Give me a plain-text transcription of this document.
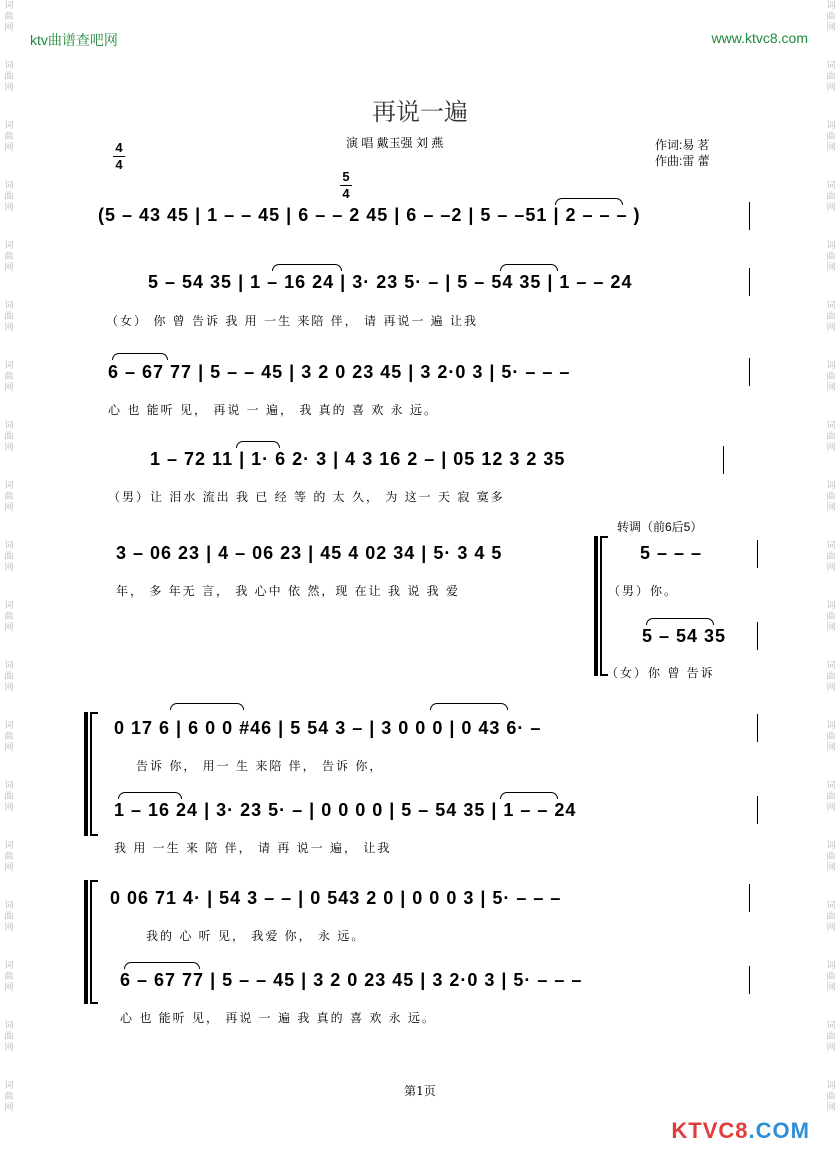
词
曲
网
词
曲
网
词
曲
网
词
曲
网
词
曲
网
词
曲
网
词
曲
网
词
曲
网
词
曲
网
词
曲
网
词
曲
网
词
曲
网
词
曲
网
词
曲
网
词
曲
网
词
曲
网
词
曲
网
词
曲
网
词
曲
网
词
曲
网
词
曲
网
词
曲
网
词
曲
网
词
曲
网
词
曲
网
词
曲
网
词
曲
网
词
曲
网
词
曲
网
词
曲
网
词
曲
网
词
曲
网
词
曲
网
词
曲
网
词
曲
网
词
曲
网
词
曲
网
词
曲
网
ktv曲谱查吧网	www.ktvc8.com
再说一遍
演 唱 戴玉强 刘 燕	作词:易 茗
作曲:雷 蕾
4
4
5
4
(5 – 43 45 | 1 – – 45 | 6 – – 2 45 | 6 – –2 | 5 – –51 | 2 – – – )
5 – 54 35 | 1 – 16 24 | 3· 23 5· – | 5 – 54 35 | 1 – – 24
（女） 你 曾 告诉 我 用 一生 来陪 伴， 请 再说一 遍 让我
6 – 67 77 | 5 – – 45 | 3 2 0 23 45 | 3 2·0 3 | 5· – – –
心 也 能听 见， 再说 一 遍， 我 真的 喜 欢 永 远。
1 – 72 11 | 1· 6 2· 3 | 4 3 16 2 – | 05 12 3 2 35
（男）让 泪水 流出 我 已 经 等 的 太 久， 为 这一 天 寂 寞多
转调（前6后5）
3 – 06 23 | 4 – 06 23 | 45 4 02 34 | 5· 3 4 5
年， 多 年无 言， 我 心中 依 然，现 在让 我 说 我 爱
5 – – –
（男）你。
5 – 54 35
（女）你 曾 告诉
0 17 6 | 6 0 0 #46 | 5 54 3 – | 3 0 0 0 | 0 43 6· –
告诉 你， 用一 生 来陪 伴， 告诉 你，
1 – 16 24 | 3· 23 5· – | 0 0 0 0 | 5 – 54 35 | 1 – – 24
我 用 一生 来 陪 伴， 请 再 说一 遍， 让我
0 06 71 4· | 54 3 – – | 0 543 2 0 | 0 0 0 3 | 5· – – –
我的 心 听 见， 我爱 你， 永 远。
6 – 67 77 | 5 – – 45 | 3 2 0 23 45 | 3 2·0 3 | 5· – – –
心 也 能听 见， 再说 一 遍 我 真的 喜 欢 永 远。
第1页
KTVC8.COM
